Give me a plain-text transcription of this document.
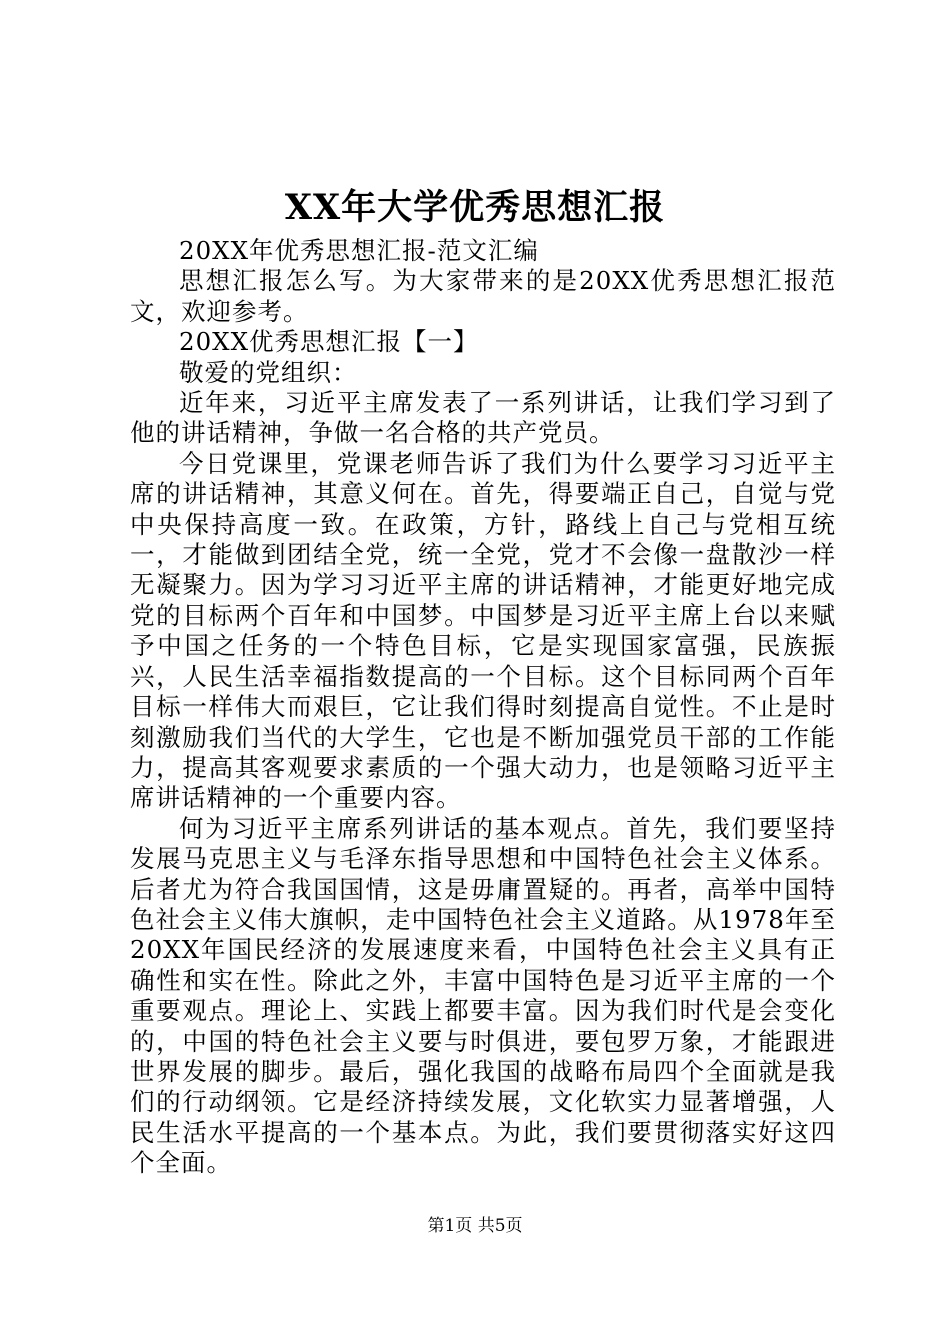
XX年大学优秀思想汇报

20XX年优秀思想汇报-范文汇编

思想汇报怎么写。为大家带来的是20XX优秀思想汇报范文，欢迎参考。

20XX优秀思想汇报【一】

敬爱的党组织：

近年来，习近平主席发表了一系列讲话，让我们学习到了他的讲话精神，争做一名合格的共产党员。

今日党课里，党课老师告诉了我们为什么要学习习近平主席的讲话精神，其意义何在。首先，得要端正自己，自觉与党中央保持高度一致。在政策，方针，路线上自己与党相互统一，才能做到团结全党，统一全党，党才不会像一盘散沙一样无凝聚力。因为学习习近平主席的讲话精神，才能更好地完成党的目标两个百年和中国梦。中国梦是习近平主席上台以来赋予中国之任务的一个特色目标，它是实现国家富强，民族振兴，人民生活幸福指数提高的一个目标。这个目标同两个百年目标一样伟大而艰巨，它让我们得时刻提高自觉性。不止是时刻激励我们当代的大学生，它也是不断加强党员干部的工作能力，提高其客观要求素质的一个强大动力，也是领略习近平主席讲话精神的一个重要内容。

何为习近平主席系列讲话的基本观点。首先，我们要坚持发展马克思主义与毛泽东指导思想和中国特色社会主义体系。后者尤为符合我国国情，这是毋庸置疑的。再者，高举中国特色社会主义伟大旗帜，走中国特色社会主义道路。从1978年至20XX年国民经济的发展速度来看，中国特色社会主义具有正确性和实在性。除此之外，丰富中国特色是习近平主席的一个重要观点。理论上、实践上都要丰富。因为我们时代是会变化的，中国的特色社会主义要与时俱进，要包罗万象，才能跟进世界发展的脚步。最后，强化我国的战略布局四个全面就是我们的行动纲领。它是经济持续发展，文化软实力显著增强，人民生活水平提高的一个基本点。为此，我们要贯彻落实好这四个全面。

第1页 共5页
